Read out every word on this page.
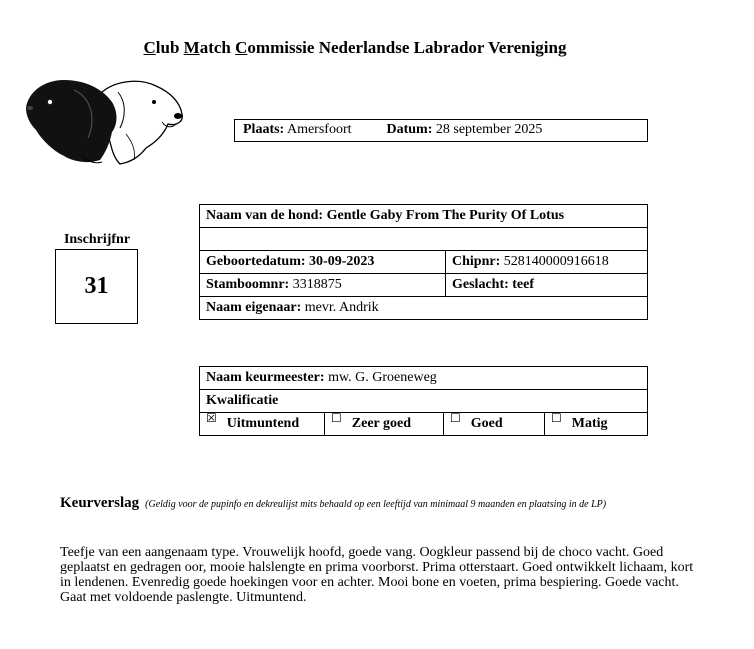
Club Match Commissie Nederlandse Labrador Vereniging
Plaats: Amersfoort	Datum: 28 september 2025
Inschrijfnr
31
Naam van de hond: Gentle Gaby From The Purity Of Lotus	

Geboortedatum: 30-09-2023	Chipnr: 528140000916618
Stamboomnr: 3318875	Geslacht: teef
Naam eigenaar: mevr. Andrik	
Naam keurmeester: mw. G. Groeneweg
Kwalificatie

☒ Uitmuntend	☐ Zeer goed	☐ Goed	☐ Matig
Keurverslag (Geldig voor de pupinfo en dekreulijst mits behaald op een leeftijd van minimaal 9 maanden en plaatsing in de LP)
Teefje van een aangenaam type. Vrouwelijk hoofd, goede vang. Oogkleur passend bij de choco vacht. Goed
geplaatst en gedragen oor, mooie halslengte en prima voorborst. Prima otterstaart. Goed ontwikkelt lichaam, kort
in lendenen. Evenredig goede hoekingen voor en achter. Mooi bone en voeten, prima bespiering. Goede vacht.
Gaat met voldoende paslengte. Uitmuntend.
